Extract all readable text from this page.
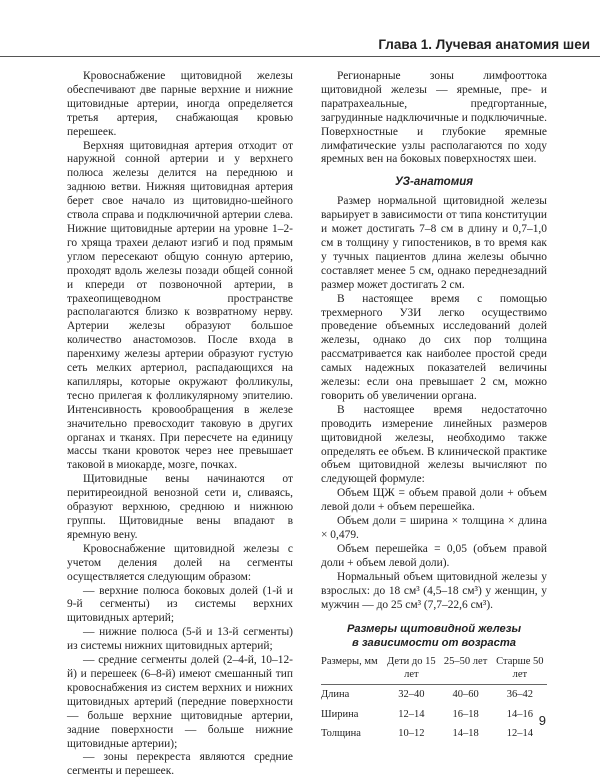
Глава 1. Лучевая анатомия шеи

Кровоснабжение щитовидной железы обеспечивают две парные верхние и нижние щитовидные артерии, иногда определяется третья артерия, снабжающая кровью перешеек.

Верхняя щитовидная артерия отходит от наружной сонной артерии и у верхнего полюса железы делится на переднюю и заднюю ветви. Нижняя щитовидная артерия берет свое начало из щитовидно-шейного ствола справа и подключичной артерии слева. Нижние щитовидные артерии на уровне 1–2-го хряща трахеи делают изгиб и под прямым углом пересекают общую сонную артерию, проходят вдоль железы позади общей сонной и кпереди от позвоночной артерии, в трахеопищеводном пространстве располагаются близко к возвратному нерву. Артерии железы образуют большое количество анастомозов. После входа в паренхиму железы артерии образуют густую сеть мелких артериол, распадающихся на капилляры, которые окружают фолликулы, тесно прилегая к фолликулярному эпителию. Интенсивность кровообращения в железе значительно превосходит таковую в других органах и тканях. При пересчете на единицу массы ткани кровоток через нее превышает таковой в миокарде, мозге, почках.

Щитовидные вены начинаются от перитиреоидной венозной сети и, сливаясь, образуют верхнюю, среднюю и нижнюю группы. Щитовидные вены впадают в яремную вену.

Кровоснабжение щитовидной железы с учетом деления долей на сегменты осуществляется следующим образом:

— верхние полюса боковых долей (1-й и 9-й сегменты) из системы верхних щитовидных артерий;

— нижние полюса (5-й и 13-й сегменты) из системы нижних щитовидных артерий;

— средние сегменты долей (2–4-й, 10–12-й) и перешеек (6–8-й) имеют смешанный тип кровоснабжения из систем верхних и нижних щитовидных артерий (передние поверхности — больше верхние щитовидные артерии, задние поверхности — больше нижние щитовидные артерии);

— зоны перекреста являются средние сегменты и перешеек.

Регионарные зоны лимфооттока щитовидной железы — яремные, пре- и паратрахеальные, предгортанные, загрудинные надключичные и подключичные. Поверхностные и глубокие яремные лимфатические узлы располагаются по ходу яремных вен на боковых поверхностях шеи.

УЗ-анатомия

Размер нормальной щитовидной железы варьирует в зависимости от типа конституции и может достигать 7–8 см в длину и 0,7–1,0 см в толщину у гипостеников, в то время как у тучных пациентов длина железы обычно составляет менее 5 см, однако переднезадний размер может достигать 2 см.

В настоящее время с помощью трехмерного УЗИ легко осуществимо проведение объемных исследований долей железы, однако до сих пор толщина рассматривается как наиболее простой среди самых надежных показателей величины железы: если она превышает 2 см, можно говорить об увеличении органа.

В настоящее время недостаточно проводить измерение линейных размеров щитовидной железы, необходимо также определять ее объем. В клинической практике объем щитовидной железы вычисляют по следующей формуле:

Объем ЩЖ = объем правой доли + объем левой доли + объем перешейка.

Объем доли = ширина × толщина × длина × 0,479.

Объем перешейка = 0,05 (объем правой доли + объем левой доли).

Нормальный объем щитовидной железы у взрослых: до 18 см³ (4,5–18 см³) у женщин, у мужчин — до 25 см³ (7,7–22,6 см³).

Размеры щитовидной железы
в зависимости от возраста
Размеры, мм	Дети до 15 лет	25–50 лет	Старше 50 лет
Длина	32–40	40–60	36–42
Ширина	12–14	16–18	14–16
Толщина	10–12	14–18	12–14
9
